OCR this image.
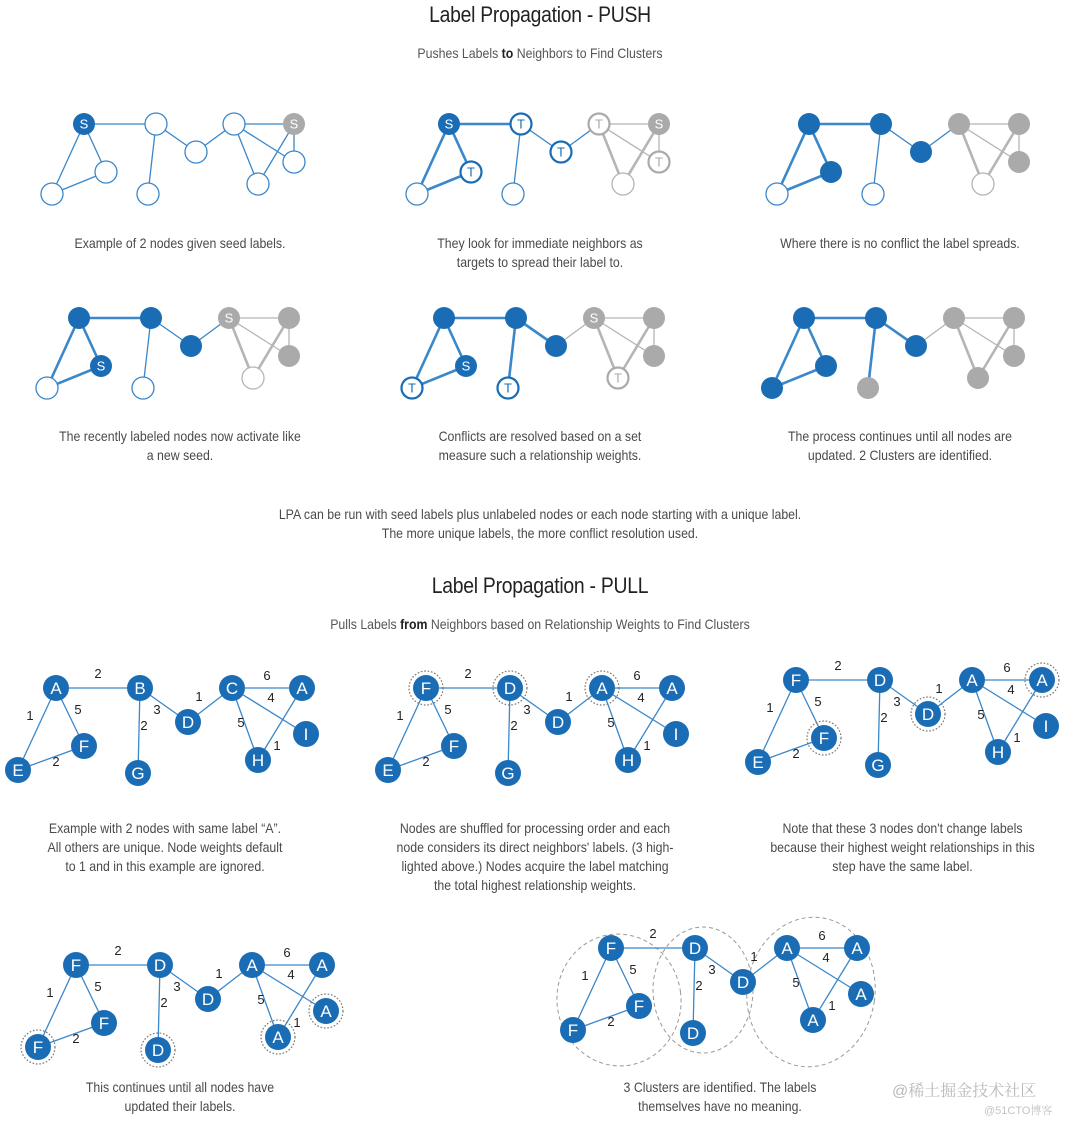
Label Propagation - PUSH
Pushes Labels to Neighbors to Find Clusters
S	S	S	T
T
T
T	S
T
S
S
S
T	T
S
T
Example of 2 nodes given seed labels.	They look for immediate neighbors as
targets to spread their label to.
Where there is no conflict the label spreads.
The recently labeled nodes now activate like
a new seed.
Conflicts are resolved based on a set
measure such a relationship weights.
The process continues until all nodes are
updated. 2 Clusters are identified.
LPA can be run with seed labels plus unlabeled nodes or each node starting with a unique label.
The more unique labels, the more conflict resolution used.
Label Propagation - PULL
Pulls Labels from Neighbors based on Relationship Weights to Find Clusters
2
1	5
2
2
3
1
6
5
4
1
A	B
F
E	G
D
C	A
H
I
2
1	5
2
2
3
1
6
5
4
1
F	D
F
E	G
D
A	A
H
I
2
1	5
2
2
3
1
6
5
4
1
F	D
F
E	G
D
A	A
H
I
2
1	5
2
2
3
1
6
5
4
1
F	D
F
F	D
D
A	A
A
A
2
1	5
2
2
3
1
6
5
4
1
F	D
F
F	D
D
A	A
A
A
Example with 2 nodes with same label “A”.
All others are unique. Node weights default
to 1 and in this example are ignored.
Nodes are shuffled for processing order and each
node considers its direct neighbors' labels. (3 high-
lighted above.) Nodes acquire the label matching
the total highest relationship weights.
Note that these 3 nodes don't change labels
because their highest weight relationships in this
step have the same label.
This continues until all nodes have
updated their labels.
3 Clusters are identified. The labels
themselves have no meaning.
@稀土掘金技术社区
@51CTO博客
